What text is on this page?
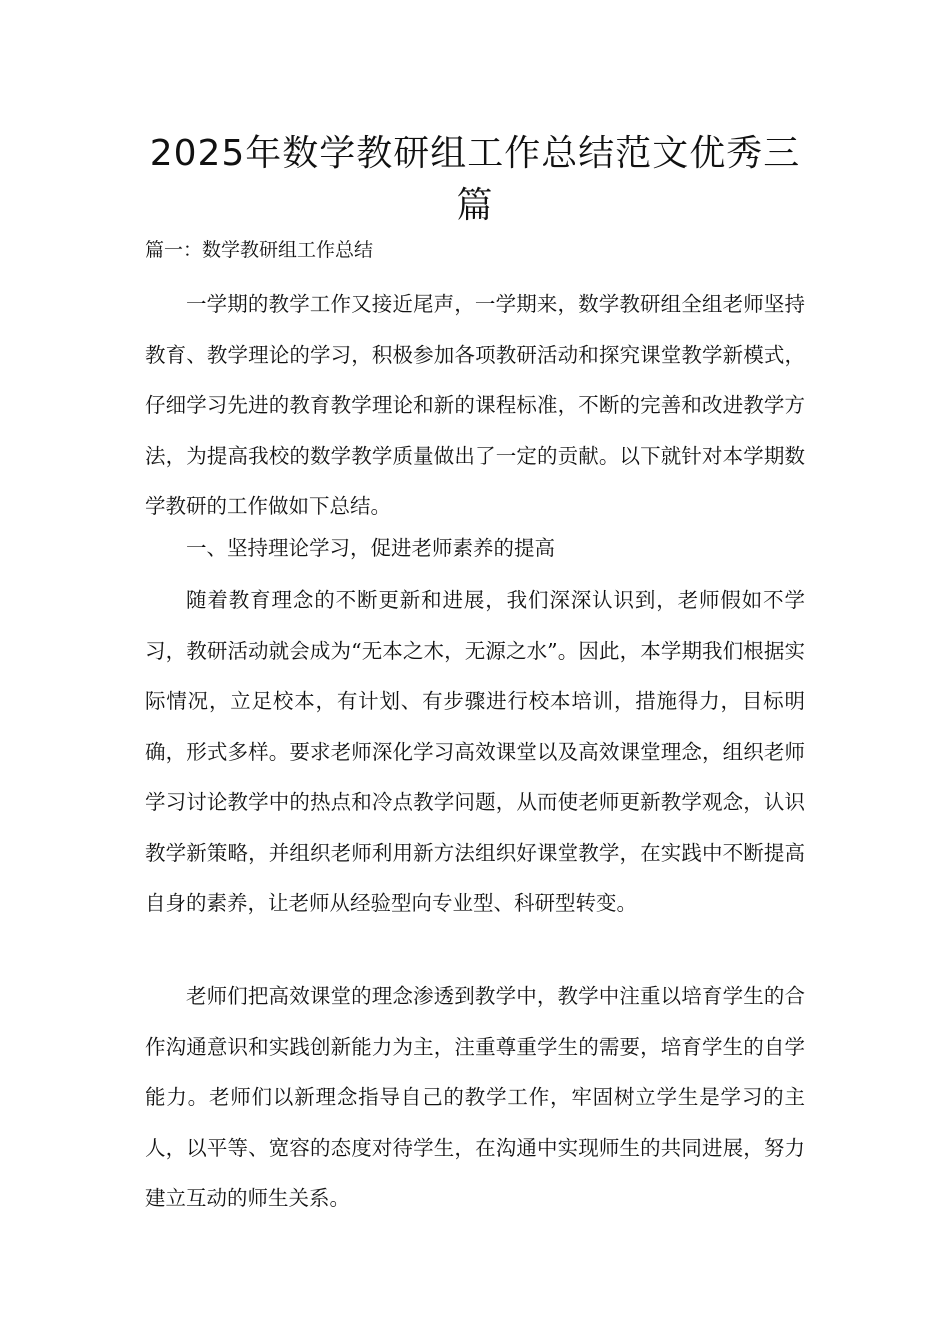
2025年数学教研组工作总结范文优秀三
篇

篇一：数学教研组工作总结

一学期的教学工作又接近尾声，一学期来，数学教研组全组老师坚持教育、教学理论的学习，积极参加各项教研活动和探究课堂教学新模式，仔细学习先进的教育教学理论和新的课程标准，不断的完善和改进教学方法，为提高我校的数学教学质量做出了一定的贡献。以下就针对本学期数学教研的工作做如下总结。

一、坚持理论学习，促进老师素养的提高

随着教育理念的不断更新和进展，我们深深认识到，老师假如不学习，教研活动就会成为“无本之木，无源之水”。因此，本学期我们根据实际情况，立足校本，有计划、有步骤进行校本培训，措施得力，目标明确，形式多样。要求老师深化学习高效课堂以及高效课堂理念，组织老师学习讨论教学中的热点和冷点教学问题，从而使老师更新教学观念，认识教学新策略，并组织老师利用新方法组织好课堂教学，在实践中不断提高自身的素养，让老师从经验型向专业型、科研型转变。

老师们把高效课堂的理念渗透到教学中，教学中注重以培育学生的合作沟通意识和实践创新能力为主，注重尊重学生的需要，培育学生的自学能力。老师们以新理念指导自己的教学工作，牢固树立学生是学习的主人，以平等、宽容的态度对待学生，在沟通中实现师生的共同进展，努力建立互动的师生关系。
